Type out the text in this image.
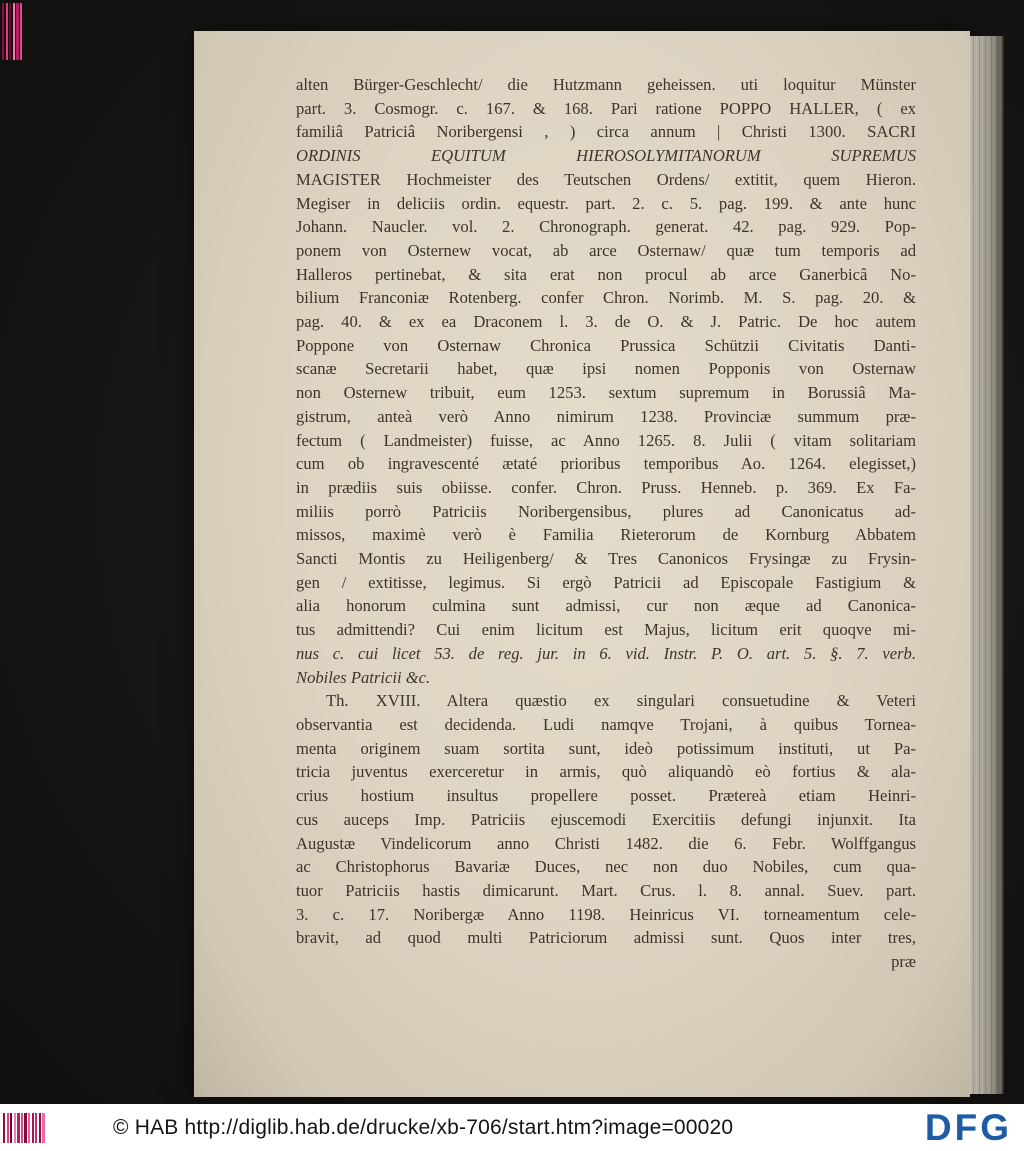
alten Bürger-Geschlecht/ die Hutzmann geheissen. uti loquitur Münster
part. 3. Cosmogr. c. 167. & 168. Pari ratione POPPO HALLER, ( ex
familiâ Patriciâ Noribergensi , ) circa annum | Christi 1300. SACRI
ORDINIS EQUITUM HIEROSOLYMITANORUM SUPREMUS
MAGISTER Hochmeister des Teutschen Ordens/ extitit, quem Hieron.
Megiser in deliciis ordin. equestr. part. 2. c. 5. pag. 199. & ante hunc
Johann. Naucler. vol. 2. Chronograph. generat. 42. pag. 929. Pop-
ponem von Osternew vocat, ab arce Osternaw/ quæ tum temporis ad
Halleros pertinebat, & sita erat non procul ab arce Ganerbicâ No-
bilium Franconiæ Rotenberg. confer Chron. Norimb. M. S. pag. 20. &
pag. 40. & ex ea Draconem l. 3. de O. & J. Patric. De hoc autem
Poppone von Osternaw Chronica Prussica Schützii Civitatis Danti-
scanæ Secretarii habet, quæ ipsi nomen Popponis von Osternaw
non Osternew tribuit, eum 1253. sextum supremum in Borussiâ Ma-
gistrum, anteà verò Anno nimirum 1238. Provinciæ summum præ-
fectum ( Landmeister) fuisse, ac Anno 1265. 8. Julii ( vitam solitariam
cum ob ingravescenté ætaté prioribus temporibus Ao. 1264. elegisset,)
in prædiis suis obiisse. confer. Chron. Pruss. Henneb. p. 369. Ex Fa-
miliis porrò Patriciis Noribergensibus, plures ad Canonicatus ad-
missos, maximè verò è Familia Rieterorum de Kornburg Abbatem
Sancti Montis zu Heiligenberg/ & Tres Canonicos Frysingæ zu Frysin-
gen / extitisse, legimus. Si ergò Patricii ad Episcopale Fastigium &
alia honorum culmina sunt admissi, cur non æque ad Canonica-
tus admittendi? Cui enim licitum est Majus, licitum erit quoqve mi-
nus c. cui licet 53. de reg. jur. in 6. vid. Instr. P. O. art. 5. §. 7. verb.
Nobiles Patricii &c.
Th. XVIII. Altera quæstio ex singulari consuetudine & Veteri
observantia est decidenda. Ludi namqve Trojani, à quibus Tornea-
menta originem suam sortita sunt, ideò potissimum instituti, ut Pa-
tricia juventus exerceretur in armis, quò aliquandò eò fortius & ala-
crius hostium insultus propellere posset. Prætereà etiam Heinri-
cus auceps Imp. Patriciis ejuscemodi Exercitiis defungi injunxit. Ita
Augustæ Vindelicorum anno Christi 1482. die 6. Febr. Wolffgangus
ac Christophorus Bavariæ Duces, nec non duo Nobiles, cum qua-
tuor Patriciis hastis dimicarunt. Mart. Crus. l. 8. annal. Suev. part.
3. c. 17. Noribergæ Anno 1198. Heinricus VI. torneamentum cele-
bravit, ad quod multi Patriciorum admissi sunt. Quos inter tres,
præ
© HAB http://diglib.hab.de/drucke/xb-706/start.htm?image=00020	DFG
